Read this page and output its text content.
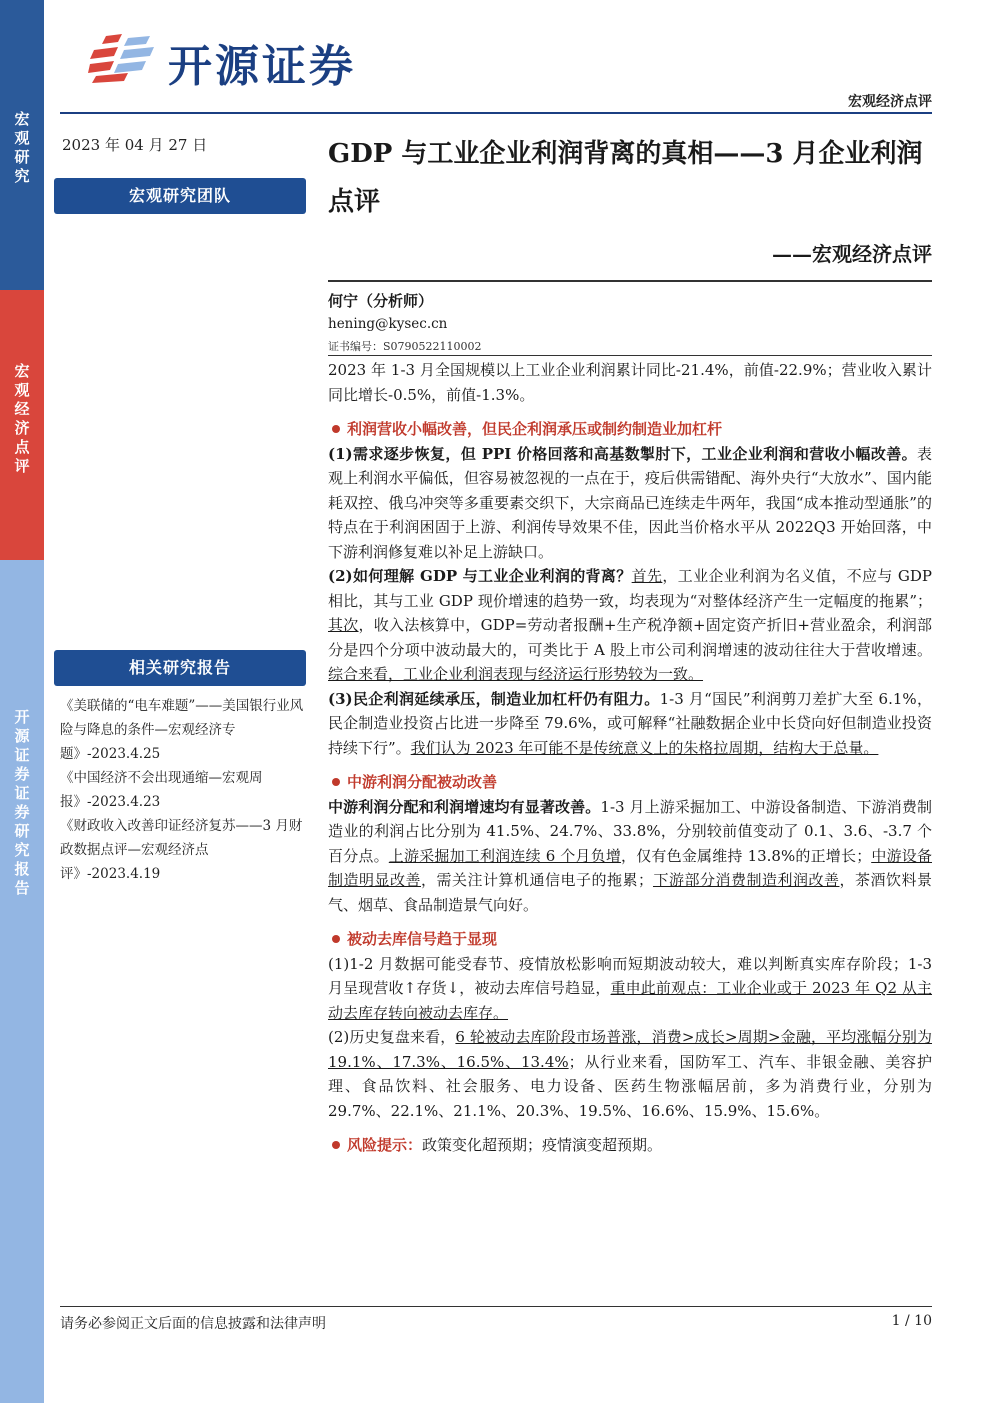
宏观研究
宏观经济点评
开源证券 证券研究报告
开源证券
宏观经济点评
2023 年 04 月 27 日
宏观研究团队
GDP 与工业企业利润背离的真相——3 月企业利润点评
——宏观经济点评
何宁（分析师）
hening@kysec.cn
证书编号：S0790522110002
相关研究报告

《美联储的“电车难题”——美国银行业风险与降息的条件—宏观经济专题》-2023.4.25

《中国经济不会出现通缩—宏观周报》-2023.4.23

《财政收入改善印证经济复苏——3 月财政数据点评—宏观经济点评》-2023.4.19

2023 年 1-3 月全国规模以上工业企业利润累计同比-21.4%，前值-22.9%；营业收入累计同比增长-0.5%，前值-1.3%。

利润营收小幅改善，但民企利润承压或制约制造业加杠杆

(1)需求逐步恢复，但 PPI 价格回落和高基数掣肘下，工业企业利润和营收小幅改善。表观上利润水平偏低，但容易被忽视的一点在于，疫后供需错配、海外央行“大放水”、国内能耗双控、俄乌冲突等多重要素交织下，大宗商品已连续走牛两年，我国“成本推动型通胀”的特点在于利润困固于上游、利润传导效果不佳，因此当价格水平从 2022Q3 开始回落，中下游利润修复难以补足上游缺口。

(2)如何理解 GDP 与工业企业利润的背离？首先，工业企业利润为名义值，不应与 GDP 相比，其与工业 GDP 现价增速的趋势一致，均表现为“对整体经济产生一定幅度的拖累”；其次，收入法核算中，GDP=劳动者报酬+生产税净额+固定资产折旧+营业盈余，利润部分是四个分项中波动最大的，可类比于 A 股上市公司利润增速的波动往往大于营收增速。综合来看，工业企业利润表现与经济运行形势较为一致。

(3)民企利润延续承压，制造业加杠杆仍有阻力。1-3 月“国民”利润剪刀差扩大至 6.1%，民企制造业投资占比进一步降至 79.6%，或可解释“社融数据企业中长贷向好但制造业投资持续下行”。我们认为 2023 年可能不是传统意义上的朱格拉周期，结构大于总量。

中游利润分配被动改善

中游利润分配和利润增速均有显著改善。1-3 月上游采掘加工、中游设备制造、下游消费制造业的利润占比分别为 41.5%、24.7%、33.8%，分别较前值变动了 0.1、3.6、-3.7 个百分点。上游采掘加工利润连续 6 个月负增，仅有色金属维持 13.8%的正增长；中游设备制造明显改善，需关注计算机通信电子的拖累；下游部分消费制造利润改善，茶酒饮料景气、烟草、食品制造景气向好。

被动去库信号趋于显现

(1)1-2 月数据可能受春节、疫情放松影响而短期波动较大，难以判断真实库存阶段；1-3 月呈现营收↑存货↓，被动去库信号趋显，重申此前观点：工业企业或于 2023 年 Q2 从主动去库存转向被动去库存。

(2)历史复盘来看，6 轮被动去库阶段市场普涨，消费>成长>周期>金融，平均涨幅分别为 19.1%、17.3%、16.5%、13.4%；从行业来看，国防军工、汽车、非银金融、美容护理、食品饮料、社会服务、电力设备、医药生物涨幅居前，多为消费行业，分别为 29.7%、22.1%、21.1%、20.3%、19.5%、16.6%、15.9%、15.6%。

风险提示：政策变化超预期；疫情演变超预期。

请务必参阅正文后面的信息披露和法律声明	1 / 10
